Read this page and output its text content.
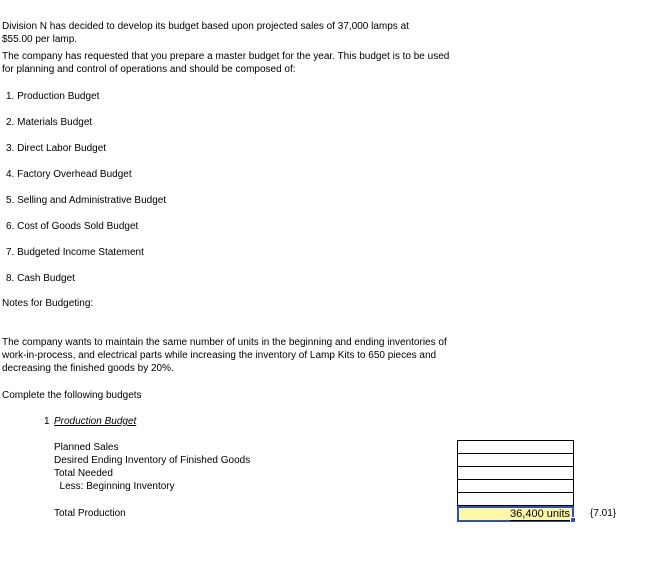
Division N has decided to develop its budget based upon projected sales of 37,000 lamps at
$55.00 per lamp.
The company has requested that you prepare a master budget for the year. This budget is to be used
for planning and control of operations and should be composed of:
1. Production Budget
2. Materials Budget
3. Direct Labor Budget
4. Factory Overhead Budget
5. Selling and Administrative Budget
6. Cost of Goods Sold Budget
7. Budgeted Income Statement
8. Cash Budget
Notes for Budgeting:
The company wants to maintain the same number of units in the beginning and ending inventories of
work-in-process, and electrical parts while increasing the inventory of Lamp Kits to 650 pieces and
decreasing the finished goods by 20%.
Complete the following budgets
1 Production Budget
Planned Sales
Desired Ending Inventory of Finished Goods
Total Needed
Less: Beginning Inventory
Total Production	36,400 units	{7.01}
